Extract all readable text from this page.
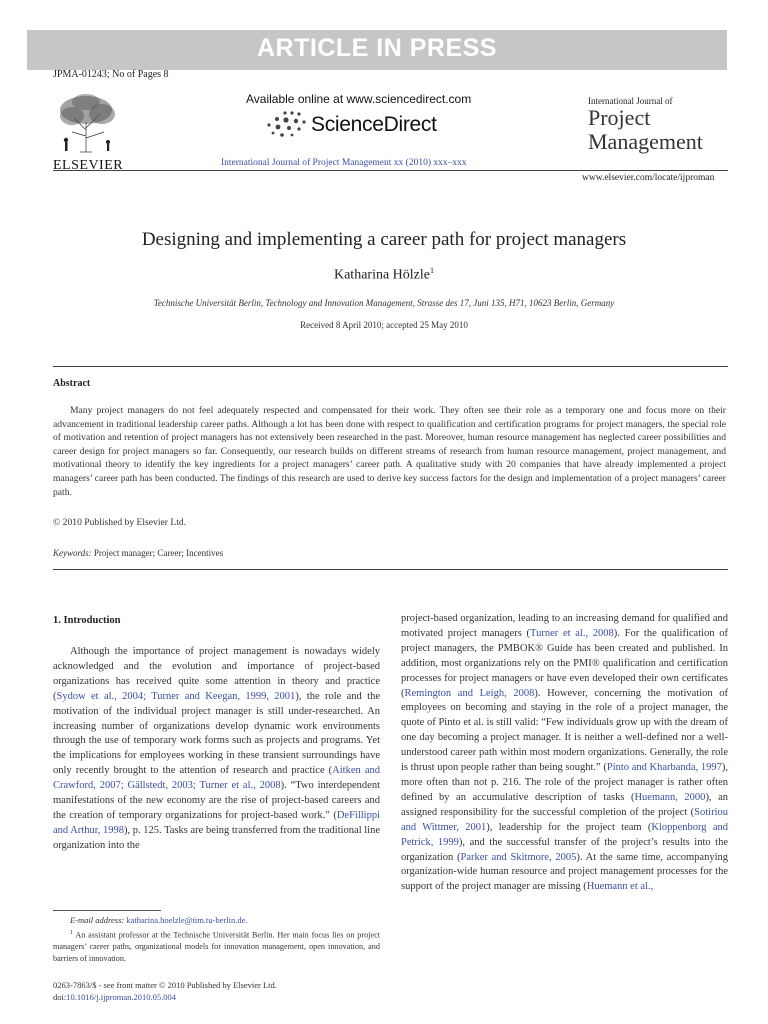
ARTICLE IN PRESS
JPMA-01243; No of Pages 8
ELSEVIER
Available online at www.sciencedirect.com
ScienceDirect
International Journal of Project Management xx (2010) xxx–xxx
International Journal of
Project
Management
www.elsevier.com/locate/ijproman
Designing and implementing a career path for project managers
Katharina Hölzle$^1$
Technische Universität Berlin, Technology and Innovation Management, Strasse des 17, Juni 135, H71, 10623 Berlin, Germany
Received 8 April 2010; accepted 25 May 2010
Abstract

Many project managers do not feel adequately respected and compensated for their work. They often see their role as a temporary one and focus more on their advancement in traditional leadership career paths. Although a lot has been done with respect to qualification and certification programs for project managers, the special role of motivation and retention of project managers has not extensively been researched in the past. Moreover, human resource management has neglected career possibilities and career design for project managers so far. Consequently, our research builds on different streams of research from human resource management, project management, and motivational theory to identify the key ingredients for a project managers’ career path. A qualitative study with 20 companies that have already implemented a project managers’ career path has been conducted. The findings of this research are used to derive key success factors for the design and implementation of a project managers’ career path.

© 2010 Published by Elsevier Ltd.
Keywords: Project manager; Career; Incentives
1. Introduction

Although the importance of project management is nowadays widely acknowledged and the evolution and importance of project-based organizations has received quite some attention in theory and practice (Sydow et al., 2004; Turner and Keegan, 1999, 2001), the role and the motivation of the individual project manager is still under-researched. An increasing number of organizations develop dynamic work environments through the use of temporary work forms such as projects and programs. Yet the implications for employees working in these transient surroundings have only recently brought to the attention of research and practice (Aitken and Crawford, 2007; Gällstedt, 2003; Turner et al., 2008). “Two interdependent manifestations of the new economy are the rise of project-based careers and the creation of temporary organizations for project-based work.” (DeFillippi and Arthur, 1998), p. 125. Tasks are being transferred from the traditional line organization into the

project-based organization, leading to an increasing demand for qualified and motivated project managers (Turner et al., 2008). For the qualification of project managers, the PMBOK® Guide has been created and published. In addition, most organizations rely on the PMI® qualification and certification processes for project managers or have even developed their own certificates (Remington and Leigh, 2008). However, concerning the motivation of employees on becoming and staying in the role of a project manager, the quote of Pinto et al. is still valid: “Few individuals grow up with the dream of one day becoming a project manager. It is neither a well-defined nor a well-understood career path within most modern organizations. Generally, the role is thrust upon people rather than being sought.” (Pinto and Kharbanda, 1997), more often than not p. 216. The role of the project manager is rather often defined by an accumulative description of tasks (Huemann, 2000), an assigned responsibility for the successful completion of the project (Sotiriou and Wittmer, 2001), leadership for the project team (Kloppenborg and Petrick, 1999), and the successful transfer of the project’s results into the organization (Parker and Skitmore, 2005). At the same time, accompanying organization-wide human resource and project management processes for the support of the project manager are missing (Huemann et al.,

E-mail address: katharina.hoelzle@tim.tu-berlin.de.

$^1$ An assistant professor at the Technische Universität Berlin. Her main focus lies on project managers’ career paths, organizational models for innovation management, open innovation, and barriers of innovation.

0263-7863/$ - see front matter © 2010 Published by Elsevier Ltd.
doi:10.1016/j.ijproman.2010.05.004
